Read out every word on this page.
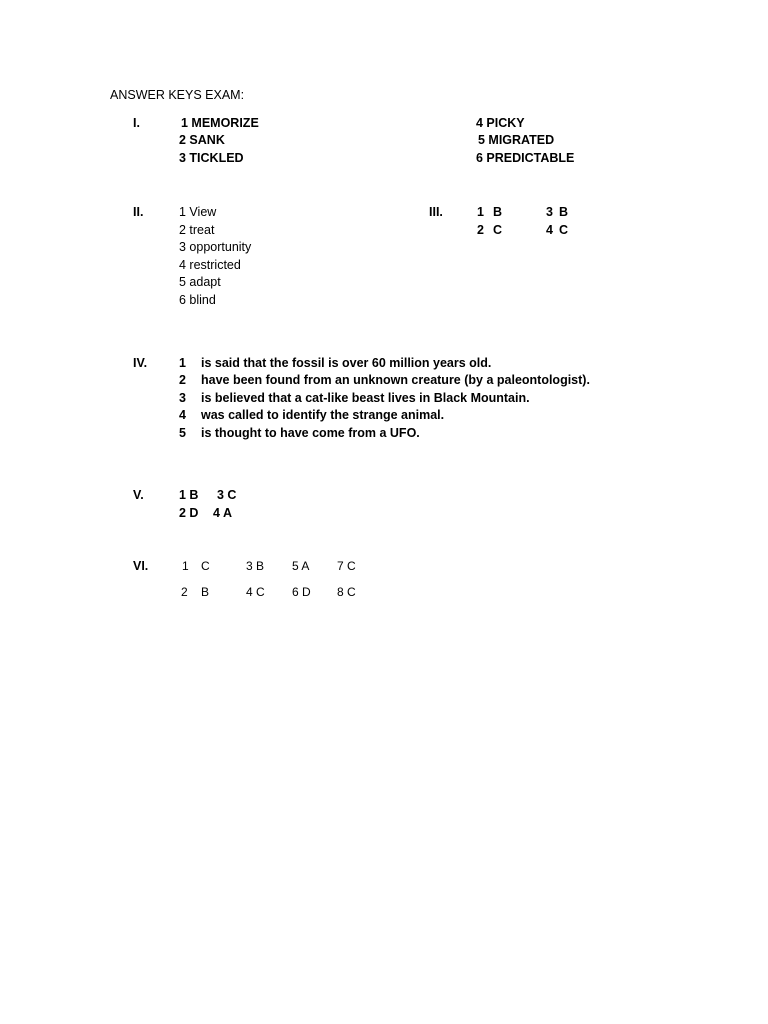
ANSWER KEYS EXAM:
I.	1 MEMORIZE
2 SANK
3 TICKLED
4 PICKY
5 MIGRATED
6 PREDICTABLE
II.	1 View
2 treat
3 opportunity
4 restricted
5 adapt
6 blind
III.	1 B	3 B
2 C	4 C
IV.	1 is said that the fossil is over 60 million years old.
2 have been found from an unknown creature (by a paleontologist).
3 is believed that a cat-like beast lives in Black Mountain.
4 was called to identify the strange animal.
5 is thought to have come from a UFO.
V.	1 B 3 C
2 D 4 A
VI.	1 C	3 B 5 A 7 C
2 B	4 C 6 D 8 C
